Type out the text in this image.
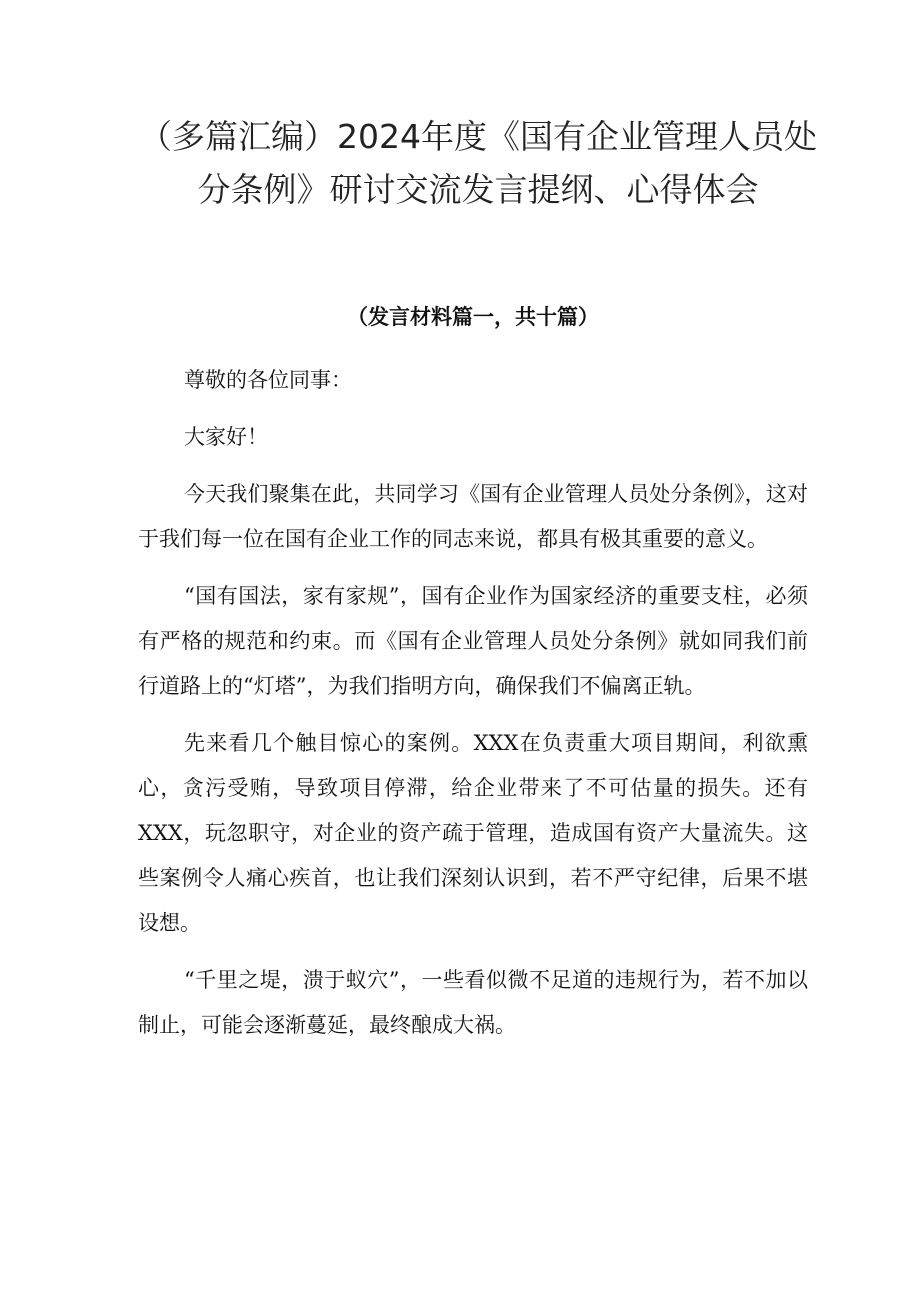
（多篇汇编）2024年度《国有企业管理人员处分条例》研讨交流发言提纲、心得体会
（发言材料篇一，共十篇）

尊敬的各位同事：

大家好！

今天我们聚集在此，共同学习《国有企业管理人员处分条例》，这对于我们每一位在国有企业工作的同志来说，都具有极其重要的意义。

“国有国法，家有家规”，国有企业作为国家经济的重要支柱，必须有严格的规范和约束。而《国有企业管理人员处分条例》就如同我们前行道路上的“灯塔”，为我们指明方向，确保我们不偏离正轨。

先来看几个触目惊心的案例。XXX在负责重大项目期间，利欲熏心，贪污受贿，导致项目停滞，给企业带来了不可估量的损失。还有XXX，玩忽职守，对企业的资产疏于管理，造成国有资产大量流失。这些案例令人痛心疾首，也让我们深刻认识到，若不严守纪律，后果不堪设想。

“千里之堤，溃于蚁穴”，一些看似微不足道的违规行为，若不加以制止，可能会逐渐蔓延，最终酿成大祸。
